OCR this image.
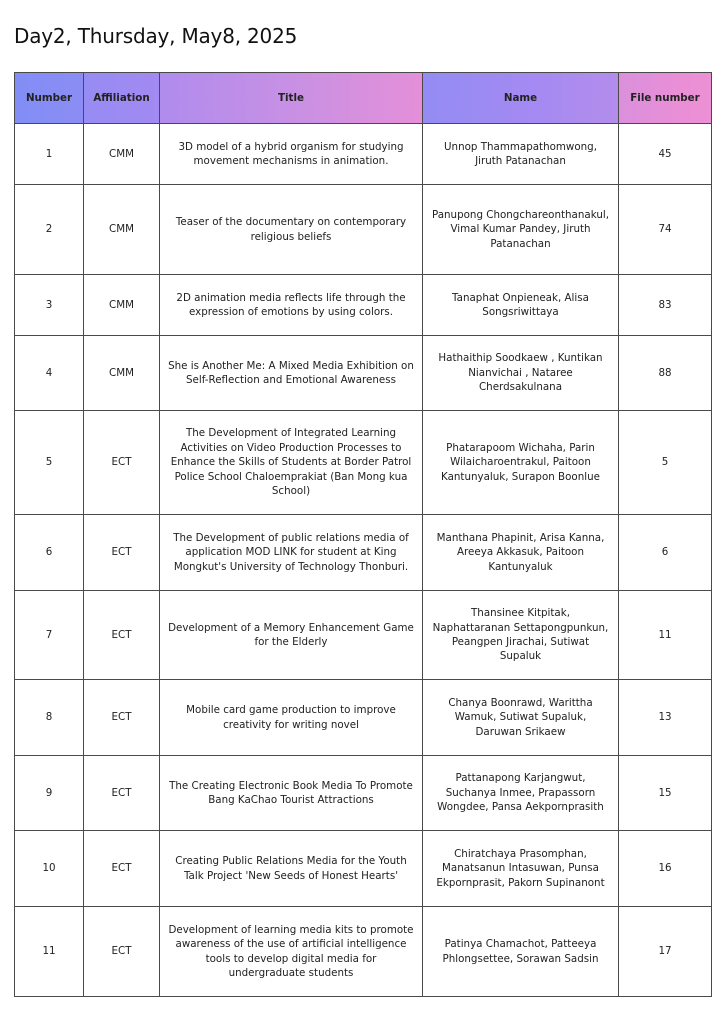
Day2, Thursday, May8, 2025
Number	Affiliation	Title	Name	File number
1	CMM	3D model of a hybrid organism for studying movement mechanisms in animation.	Unnop Thammapathomwong, Jiruth Patanachan	45
2	CMM	Teaser of the documentary on contemporary religious beliefs	Panupong Chongchareonthanakul, Vimal Kumar Pandey, Jiruth Patanachan	74
3	CMM	2D animation media reflects life through the expression of emotions by using colors.	Tanaphat Onpieneak, Alisa Songsriwittaya	83
4	CMM	She is Another Me: A Mixed Media Exhibition on Self-Reflection and Emotional Awareness	Hathaithip Soodkaew , Kuntikan Nianvichai , Nataree Cherdsakulnana	88
5	ECT	The Development of Integrated Learning Activities on Video Production Processes to Enhance the Skills of Students at Border Patrol Police School Chaloemprakiat (Ban Mong kua School)	Phatarapoom Wichaha, Parin Wilaicharoentrakul, Paitoon Kantunyaluk, Surapon Boonlue	5
6	ECT	The Development of public relations media of application MOD LINK for student at King Mongkut's University of Technology Thonburi.	Manthana Phapinit, Arisa Kanna, Areeya Akkasuk, Paitoon Kantunyaluk	6
7	ECT	Development of a Memory Enhancement Game for the Elderly	Thansinee Kitpitak, Naphattaranan Settapongpunkun, Peangpen Jirachai, Sutiwat Supaluk	11
8	ECT	Mobile card game production to improve creativity for writing novel	Chanya Boonrawd, Warittha Wamuk, Sutiwat Supaluk, Daruwan Srikaew	13
9	ECT	The Creating Electronic Book Media To Promote Bang KaChao Tourist Attractions	Pattanapong Karjangwut, Suchanya Inmee, Prapassorn Wongdee, Pansa Aekpornprasith	15
10	ECT	Creating Public Relations Media for the Youth Talk Project 'New Seeds of Honest Hearts'	Chiratchaya Prasomphan, Manatsanun Intasuwan, Punsa Ekpornprasit, Pakorn Supinanont	16
11	ECT	Development of learning media kits to promote awareness of the use of artificial intelligence tools to develop digital media for undergraduate students	Patinya Chamachot, Patteeya Phlongsettee, Sorawan Sadsin	17
